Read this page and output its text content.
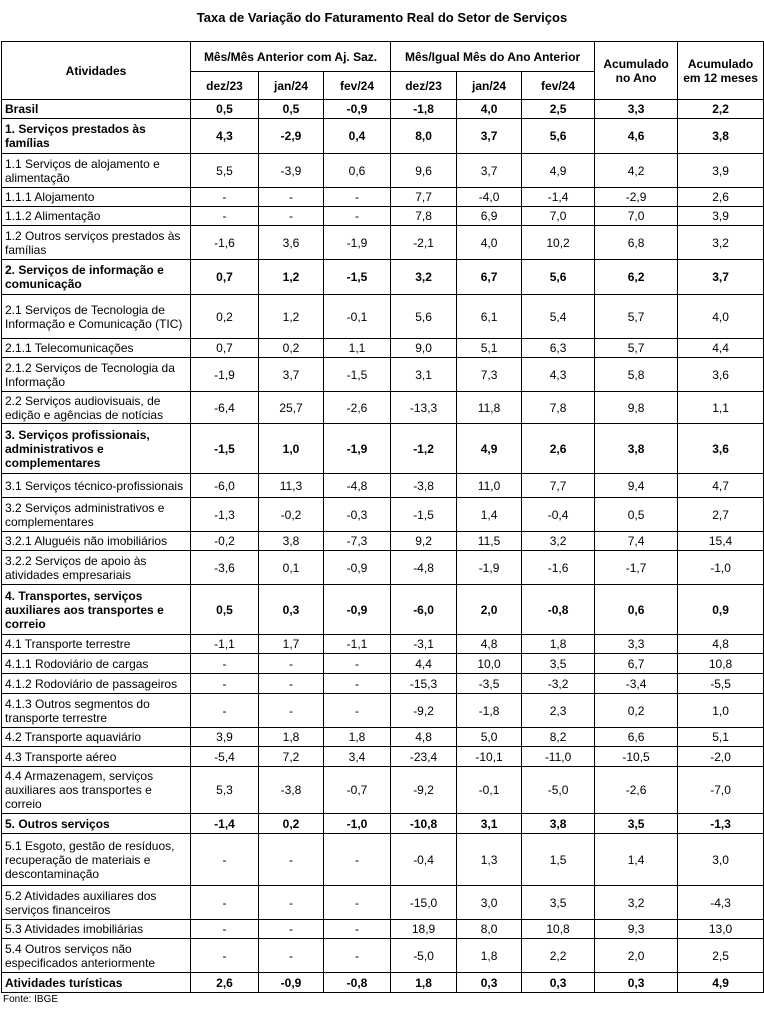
Taxa de Variação do Faturamento Real do Setor de Serviços
Atividades	Mês/Mês Anterior com Aj. Saz.			Mês/Igual Mês do Ano Anterior			Acumulado no Ano	Acumulado em 12 meses
	dez/23	jan/24	fev/24	dez/23	jan/24	fev/24		
Brasil	0,5	0,5	-0,9	-1,8	4,0	2,5	3,3	2,2
1. Serviços prestados às famílias	4,3	-2,9	0,4	8,0	3,7	5,6	4,6	3,8
1.1 Serviços de alojamento e alimentação	5,5	-3,9	0,6	9,6	3,7	4,9	4,2	3,9
1.1.1 Alojamento	-	-	-	7,7	-4,0	-1,4	-2,9	2,6
1.1.2 Alimentação	-	-	-	7,8	6,9	7,0	7,0	3,9
1.2 Outros serviços prestados às famílias	-1,6	3,6	-1,9	-2,1	4,0	10,2	6,8	3,2
2. Serviços de informação e comunicação	0,7	1,2	-1,5	3,2	6,7	5,6	6,2	3,7
2.1 Serviços de Tecnologia de Informação e Comunicação (TIC)	0,2	1,2	-0,1	5,6	6,1	5,4	5,7	4,0
2.1.1 Telecomunicações	0,7	0,2	1,1	9,0	5,1	6,3	5,7	4,4
2.1.2 Serviços de Tecnologia da Informação	-1,9	3,7	-1,5	3,1	7,3	4,3	5,8	3,6
2.2 Serviços audiovisuais, de edição e agências de notícias	-6,4	25,7	-2,6	-13,3	11,8	7,8	9,8	1,1
3. Serviços profissionais, administrativos e complementares	-1,5	1,0	-1,9	-1,2	4,9	2,6	3,8	3,6
3.1 Serviços técnico-profissionais	-6,0	11,3	-4,8	-3,8	11,0	7,7	9,4	4,7
3.2 Serviços administrativos e complementares	-1,3	-0,2	-0,3	-1,5	1,4	-0,4	0,5	2,7
3.2.1 Aluguéis não imobiliários	-0,2	3,8	-7,3	9,2	11,5	3,2	7,4	15,4
3.2.2 Serviços de apoio às atividades empresariais	-3,6	0,1	-0,9	-4,8	-1,9	-1,6	-1,7	-1,0
4. Transportes, serviços auxiliares aos transportes e correio	0,5	0,3	-0,9	-6,0	2,0	-0,8	0,6	0,9
4.1 Transporte terrestre	-1,1	1,7	-1,1	-3,1	4,8	1,8	3,3	4,8
4.1.1 Rodoviário de cargas	-	-	-	4,4	10,0	3,5	6,7	10,8
4.1.2 Rodoviário de passageiros	-	-	-	-15,3	-3,5	-3,2	-3,4	-5,5
4.1.3 Outros segmentos do transporte terrestre	-	-	-	-9,2	-1,8	2,3	0,2	1,0
4.2 Transporte aquaviário	3,9	1,8	1,8	4,8	5,0	8,2	6,6	5,1
4.3 Transporte aéreo	-5,4	7,2	3,4	-23,4	-10,1	-11,0	-10,5	-2,0
4.4 Armazenagem, serviços auxiliares aos transportes e correio	5,3	-3,8	-0,7	-9,2	-0,1	-5,0	-2,6	-7,0
5. Outros serviços	-1,4	0,2	-1,0	-10,8	3,1	3,8	3,5	-1,3
5.1 Esgoto, gestão de resíduos, recuperação de materiais e descontaminação	-	-	-	-0,4	1,3	1,5	1,4	3,0
5.2 Atividades auxiliares dos serviços financeiros	-	-	-	-15,0	3,0	3,5	3,2	-4,3
5.3 Atividades imobiliárias	-	-	-	18,9	8,0	10,8	9,3	13,0
5.4 Outros serviços não especificados anteriormente	-	-	-	-5,0	1,8	2,2	2,0	2,5
Atividades turísticas	2,6	-0,9	-0,8	1,8	0,3	0,3	0,3	4,9
Fonte: IBGE
